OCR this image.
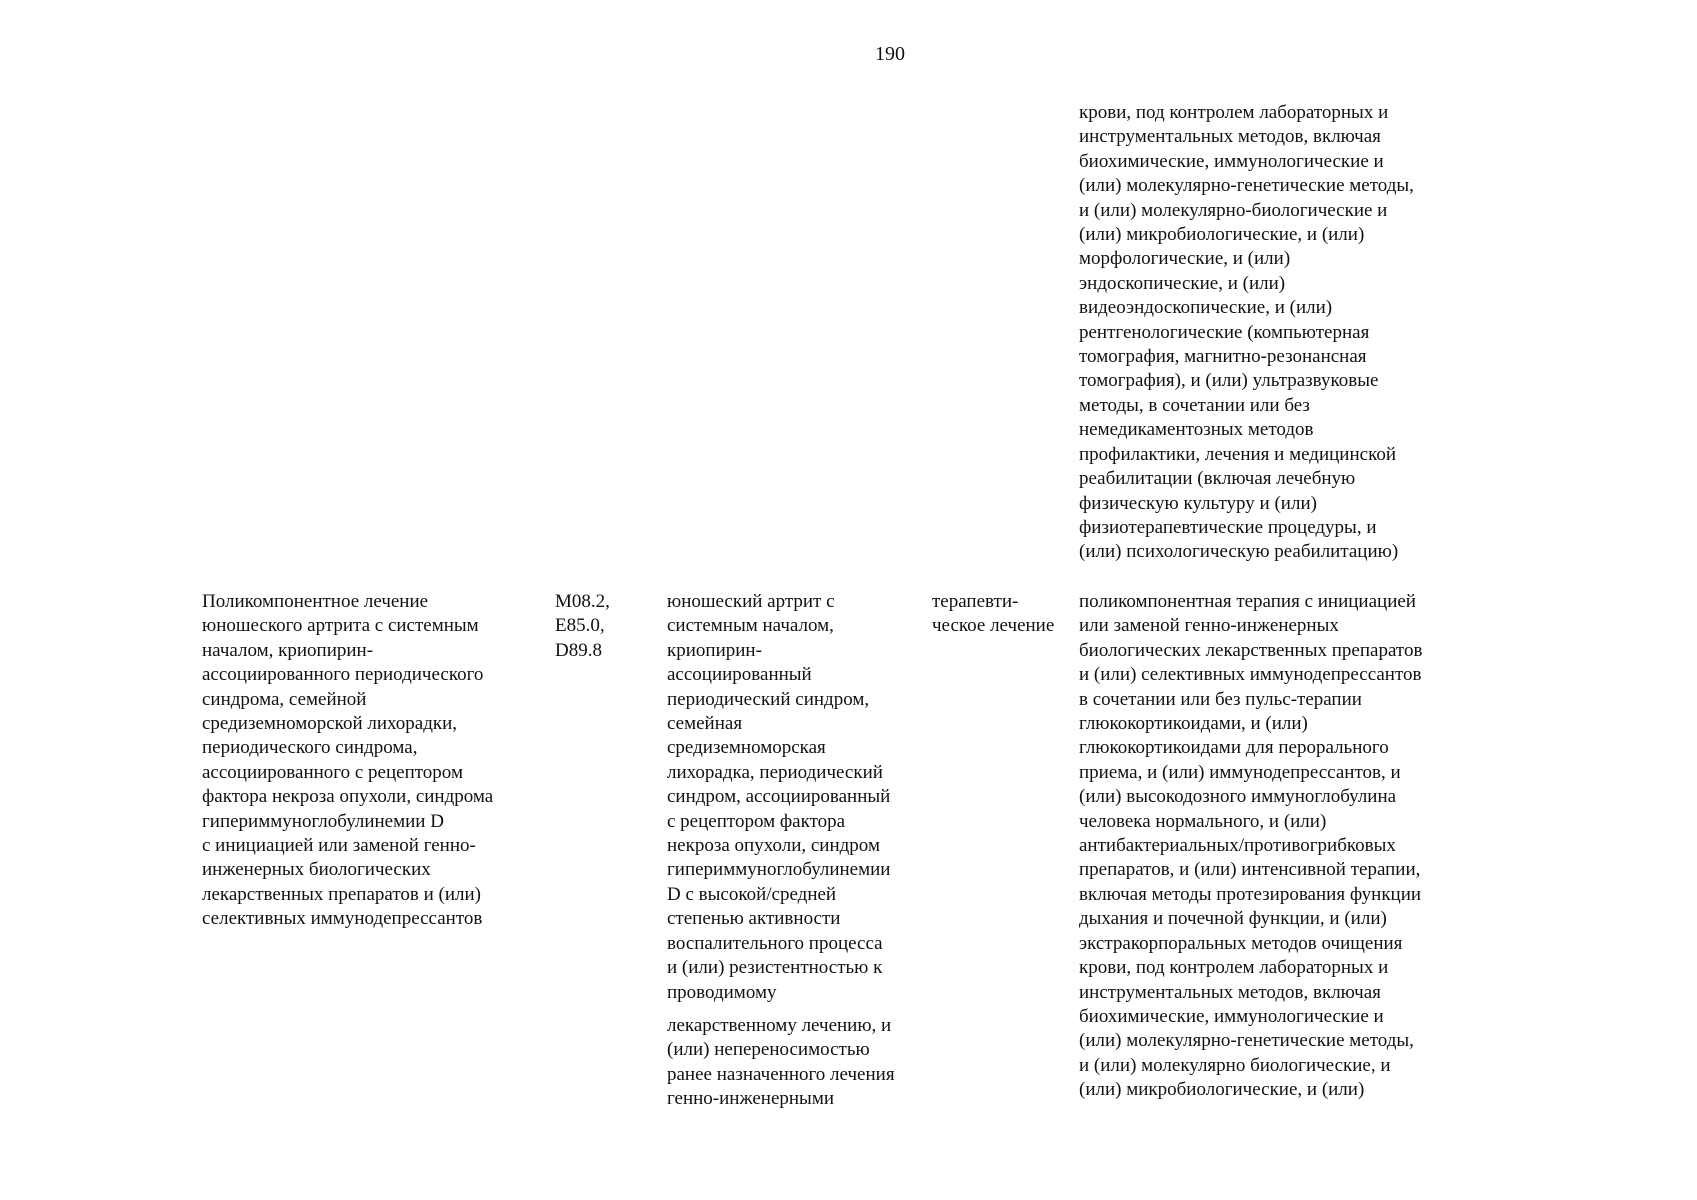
190
крови, под контролем лабораторных и
инструментальных методов, включая
биохимические, иммунологические и
(или) молекулярно-генетические методы,
и (или) молекулярно-биологические и
(или) микробиологические, и (или)
морфологические, и (или)
эндоскопические, и (или)
видеоэндоскопические, и (или)
рентгенологические (компьютерная
томография, магнитно-резонансная
томография), и (или) ультразвуковые
методы, в сочетании или без
немедикаментозных методов
профилактики, лечения и медицинской
реабилитации (включая лечебную
физическую культуру и (или)
физиотерапевтические процедуры, и
(или) психологическую реабилитацию)
Поликомпонентное лечение
юношеского артрита с системным
началом, криопирин-
ассоциированного периодического
синдрома, семейной
средиземноморской лихорадки,
периодического синдрома,
ассоциированного с рецептором
фактора некроза опухоли, синдрома
гипериммуноглобулинемии D
с инициацией или заменой генно-
инженерных биологических
лекарственных препаратов и (или)
селективных иммунодепрессантов
M08.2,
E85.0,
D89.8
юношеский артрит с
системным началом,
криопирин-
ассоциированный
периодический синдром,
семейная
средиземноморская
лихорадка, периодический
синдром, ассоциированный
с рецептором фактора
некроза опухоли, синдром
гипериммуноглобулинемии
D с высокой/средней
степенью активности
воспалительного процесса
и (или) резистентностью к
проводимому
лекарственному лечению, и
(или) непереносимостью
ранее назначенного лечения
генно-инженерными
терапевти-
ческое лечение
поликомпонентная терапия с инициацией
или заменой генно-инженерных
биологических лекарственных препаратов
и (или) селективных иммунодепрессантов
в сочетании или без пульс-терапии
глюкокортикоидами, и (или)
глюкокортикоидами для перорального
приема, и (или) иммунодепрессантов, и
(или) высокодозного иммуноглобулина
человека нормального, и (или)
антибактериальных/противогрибковых
препаратов, и (или) интенсивной терапии,
включая методы протезирования функции
дыхания и почечной функции, и (или)
экстракорпоральных методов очищения
крови, под контролем лабораторных и
инструментальных методов, включая
биохимические, иммунологические и
(или) молекулярно-генетические методы,
и (или) молекулярно биологические, и
(или) микробиологические, и (или)
